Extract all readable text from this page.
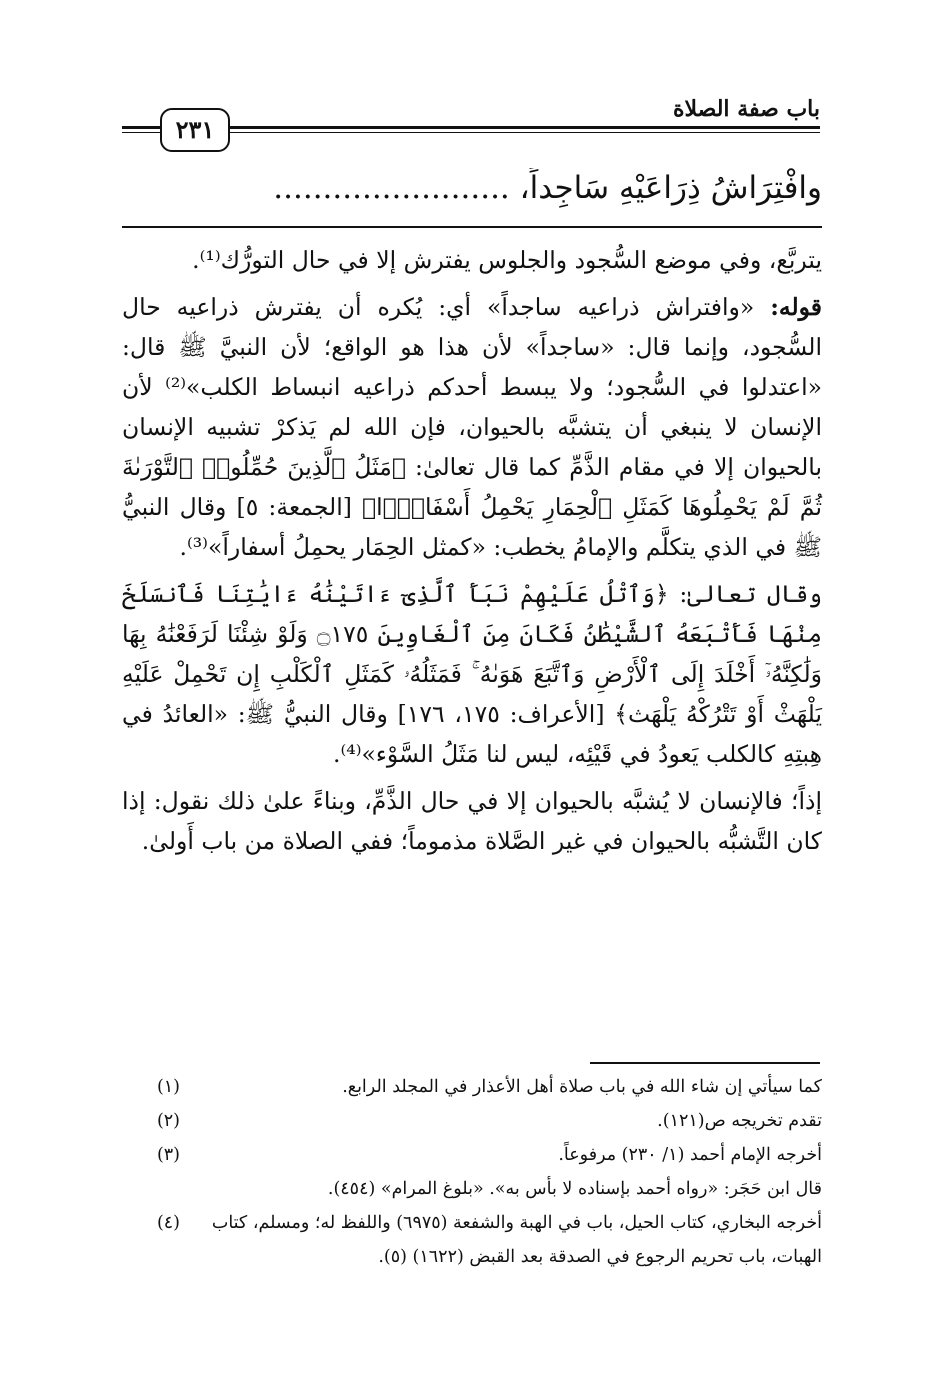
باب صفة الصلاة
٢٣١
وافْتِرَاشُ ذِرَاعَيْهِ سَاجِداً، ........................

يتربَّع، وفي موضع السُّجود والجلوس يفترش إلا في حال التورُّك⁽¹⁾.

قوله: «وافتراش ذراعيه ساجداً» أي: يُكره أن يفترش ذراعيه حال السُّجود، وإنما قال: «ساجداً» لأن هذا هو الواقع؛ لأن النبيَّ ﷺ قال: «اعتدلوا في السُّجود؛ ولا يبسط أحدكم ذراعيه انبساط الكلب»⁽²⁾ لأن الإنسان لا ينبغي أن يتشبَّه بالحيوان، فإن الله لم يَذكرْ تشبيه الإنسان بالحيوان إلا في مقام الذَّمِّ كما قال تعالىٰ: ﴿مَثَلُ ٱلَّذِينَ حُمِّلُوا۟ ٱلتَّوْرَىٰةَ ثُمَّ لَمْ يَحْمِلُوهَا كَمَثَلِ ٱلْحِمَارِ يَحْمِلُ أَسْفَارًۢا﴾ [الجمعة: ٥] وقال النبيُّ ﷺ في الذي يتكلَّم والإمامُ يخطب: «كمثل الحِمَار يحمِلُ أسفاراً»⁽³⁾.

وقال تعالىٰ: ﴿وَٱتْلُ عَلَيْهِمْ نَبَأَ ٱلَّذِىٓ ءَاتَيْنَٰهُ ءَايَٰتِنَا فَٱنسَلَخَ مِنْهَا فَأَتْبَعَهُ ٱلشَّيْطَٰنُ فَكَانَ مِنَ ٱلْغَاوِينَ ۝١٧٥ وَلَوْ شِئْنَا لَرَفَعْنَٰهُ بِهَا وَلَٰكِنَّهُۥٓ أَخْلَدَ إِلَى ٱلْأَرْضِ وَٱتَّبَعَ هَوَىٰهُ ۚ فَمَثَلُهُۥ كَمَثَلِ ٱلْكَلْبِ إِن تَحْمِلْ عَلَيْهِ يَلْهَثْ أَوْ تَتْرُكْهُ يَلْهَث﴾ [الأعراف: ١٧٥، ١٧٦] وقال النبيُّ ﷺ: «العائدُ في هِبتِهِ كالكلب يَعودُ في قَيْئِه، ليس لنا مَثَلُ السَّوْء»⁽⁴⁾.

إذاً؛ فالإنسان لا يُشبَّه بالحيوان إلا في حال الذَّمِّ، وبناءً علىٰ ذلك نقول: إذا كان التَّشبُّه بالحيوان في غير الصَّلاة مذموماً؛ ففي الصلاة من باب أَولىٰ.

(١)	كما سيأتي إن شاء الله في باب صلاة أهل الأعذار في المجلد الرابع.
(٢)	تقدم تخريجه ص(١٢١).
(٣)	أخرجه الإمام أحمد (١/ ٢٣٠) مرفوعاً.
قال ابن حَجَر: «رواه أحمد بإسناده لا بأس به». «بلوغ المرام» (٤٥٤).
(٤)	أخرجه البخاري، كتاب الحيل، باب في الهبة والشفعة (٦٩٧٥) واللفظ له؛ ومسلم، كتاب الهبات، باب تحريم الرجوع في الصدقة بعد القبض (١٦٢٢) (٥).
